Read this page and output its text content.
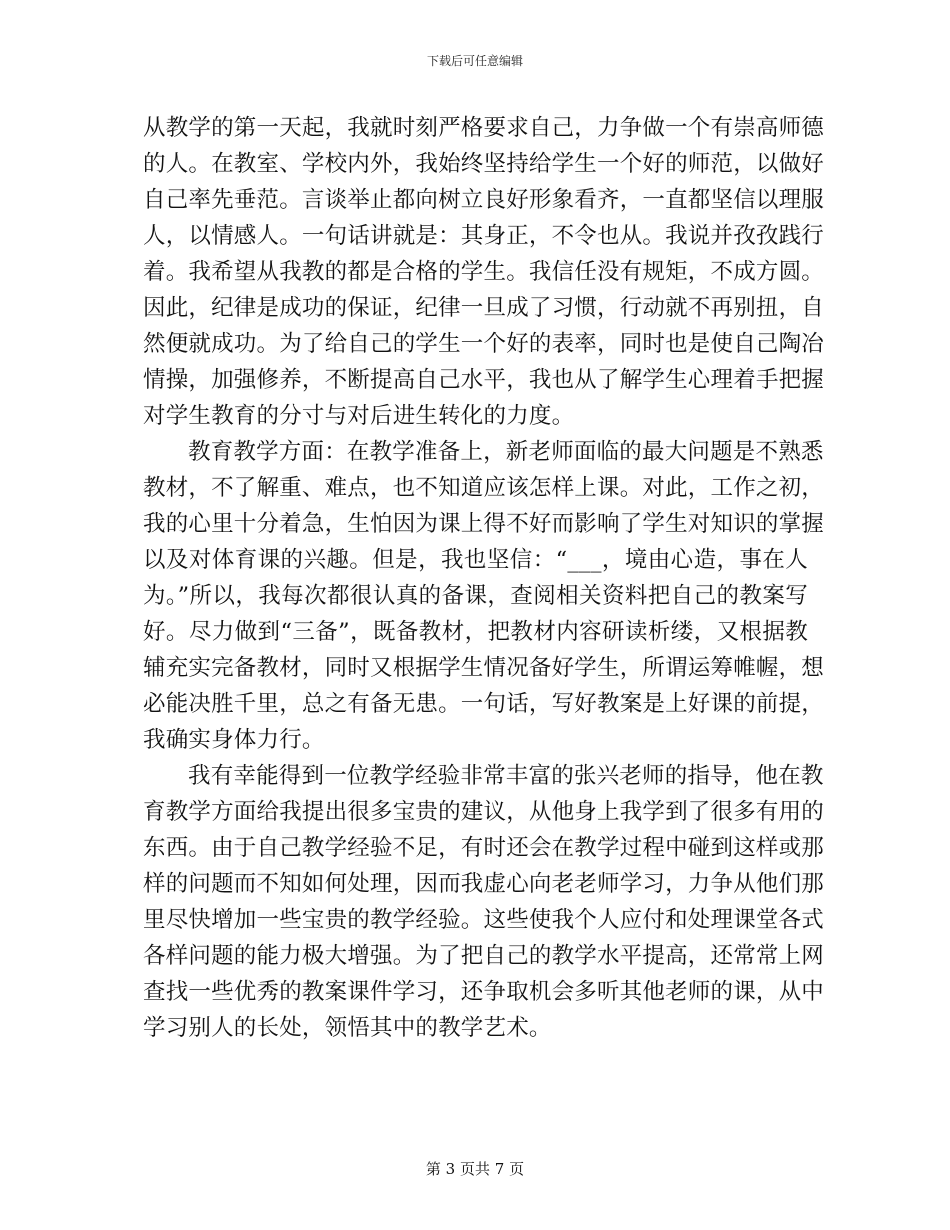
下载后可任意编辑
从教学的第一天起，我就时刻严格要求自己，力争做一个有崇高师德
的人。在教室、学校内外，我始终坚持给学生一个好的师范，以做好
自己率先垂范。言谈举止都向树立良好形象看齐，一直都坚信以理服
人，以情感人。一句话讲就是：其身正，不令也从。我说并孜孜践行
着。我希望从我教的都是合格的学生。我信任没有规矩，不成方圆。
因此，纪律是成功的保证，纪律一旦成了习惯，行动就不再别扭，自
然便就成功。为了给自己的学生一个好的表率，同时也是使自己陶冶
情操，加强修养，不断提高自己水平，我也从了解学生心理着手把握
对学生教育的分寸与对后进生转化的力度。
教育教学方面：在教学准备上，新老师面临的最大问题是不熟悉
教材，不了解重、难点，也不知道应该怎样上课。对此，工作之初，
我的心里十分着急，生怕因为课上得不好而影响了学生对知识的掌握
以及对体育课的兴趣。但是，我也坚信：“___，境由心造，事在人
为。”所以，我每次都很认真的备课，查阅相关资料把自己的教案写
好。尽力做到“三备”，既备教材，把教材内容研读析缕，又根据教
辅充实完备教材，同时又根据学生情况备好学生，所谓运筹帷幄，想
必能决胜千里，总之有备无患。一句话，写好教案是上好课的前提，
我确实身体力行。
我有幸能得到一位教学经验非常丰富的张兴老师的指导，他在教
育教学方面给我提出很多宝贵的建议，从他身上我学到了很多有用的
东西。由于自己教学经验不足，有时还会在教学过程中碰到这样或那
样的问题而不知如何处理，因而我虚心向老老师学习，力争从他们那
里尽快增加一些宝贵的教学经验。这些使我个人应付和处理课堂各式
各样问题的能力极大增强。为了把自己的教学水平提高，还常常上网
查找一些优秀的教案课件学习，还争取机会多听其他老师的课，从中
学习别人的长处，领悟其中的教学艺术。
第 3 页共 7 页
